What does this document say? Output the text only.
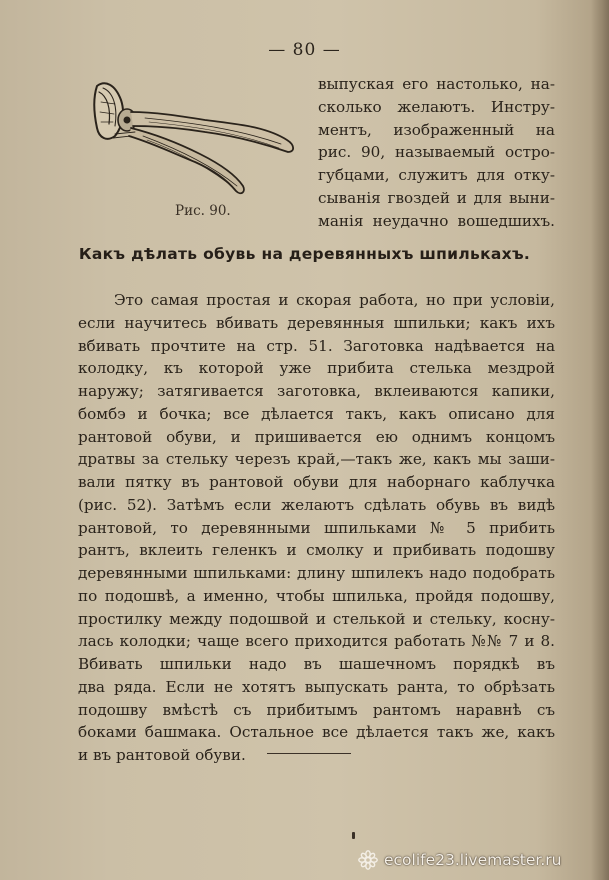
— 80 —
Рис. 90.
выпуская его настолько, на-
сколько желаютъ. Инстру-
ментъ, изображенный на
рис. 90, называемый остро-
губцами, служитъ для отку-
сыванія гвоздей и для выни-
манія неудачно вошедшихъ.
Какъ дѣлать обувь на деревянныхъ шпилькахъ.
Это самая простая и скорая работа, но при условіи,
если научитесь вбивать деревянныя шпильки; какъ ихъ
вбивать прочтите на стр. 51. Заготовка надѣвается на
колодку, къ которой уже прибита стелька мездрой
наружу; затягивается заготовка, вклеиваются капики,
бомбэ и бочка; все дѣлается такъ, какъ описано для
рантовой обуви, и пришивается ею однимъ концомъ
дратвы за стельку черезъ край,—такъ же, какъ мы заши-
вали пятку въ рантовой обуви для наборнаго каблучка
(рис. 52). Затѣмъ если желаютъ сдѣлать обувь въ видѣ
рантовой, то деревянными шпильками № 5 прибить
рантъ, вклеить геленкъ и смолку и прибивать подошву
деревянными шпильками: длину шпилекъ надо подобрать
по подошвѣ, а именно, чтобы шпилька, пройдя подошву,
простилку между подошвой и стелькой и стельку, косну-
лась колодки; чаще всего приходится работать №№ 7 и 8.
Вбивать шпильки надо въ шашечномъ порядкѣ въ
два ряда. Если не хотятъ выпускать ранта, то обрѣзать
подошву вмѣстѣ съ прибитымъ рантомъ наравнѣ съ
боками башмака. Остальное все дѣлается такъ же, какъ
и въ рантовой обуви.
ecolife23.livemaster.ru
